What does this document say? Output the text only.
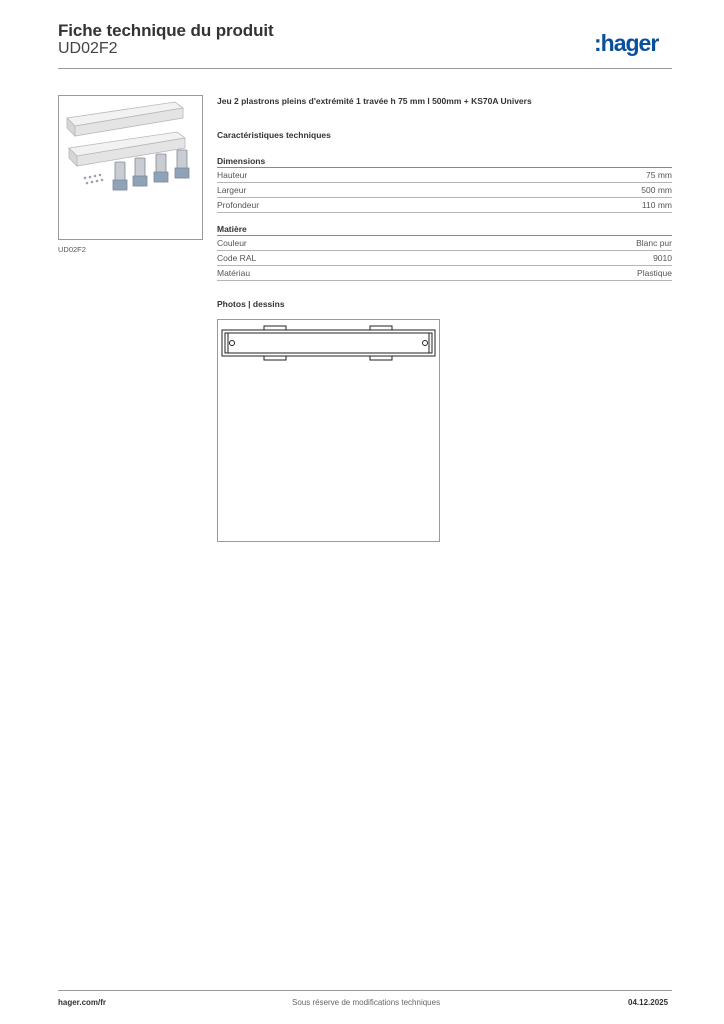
Fiche technique du produit
UD02F2	:hager
UD02F2
Jeu 2 plastrons pleins d'extrémité 1 travée h 75 mm l 500mm + KS70A Univers
Caractéristiques techniques
Dimensions
Hauteur	75 mm
Largeur	500 mm
Profondeur	110 mm
Matière
Couleur	Blanc pur
Code RAL	9010
Matériau	Plastique
Photos | dessins
hager.com/fr	Sous réserve de modifications techniques	04.12.2025
